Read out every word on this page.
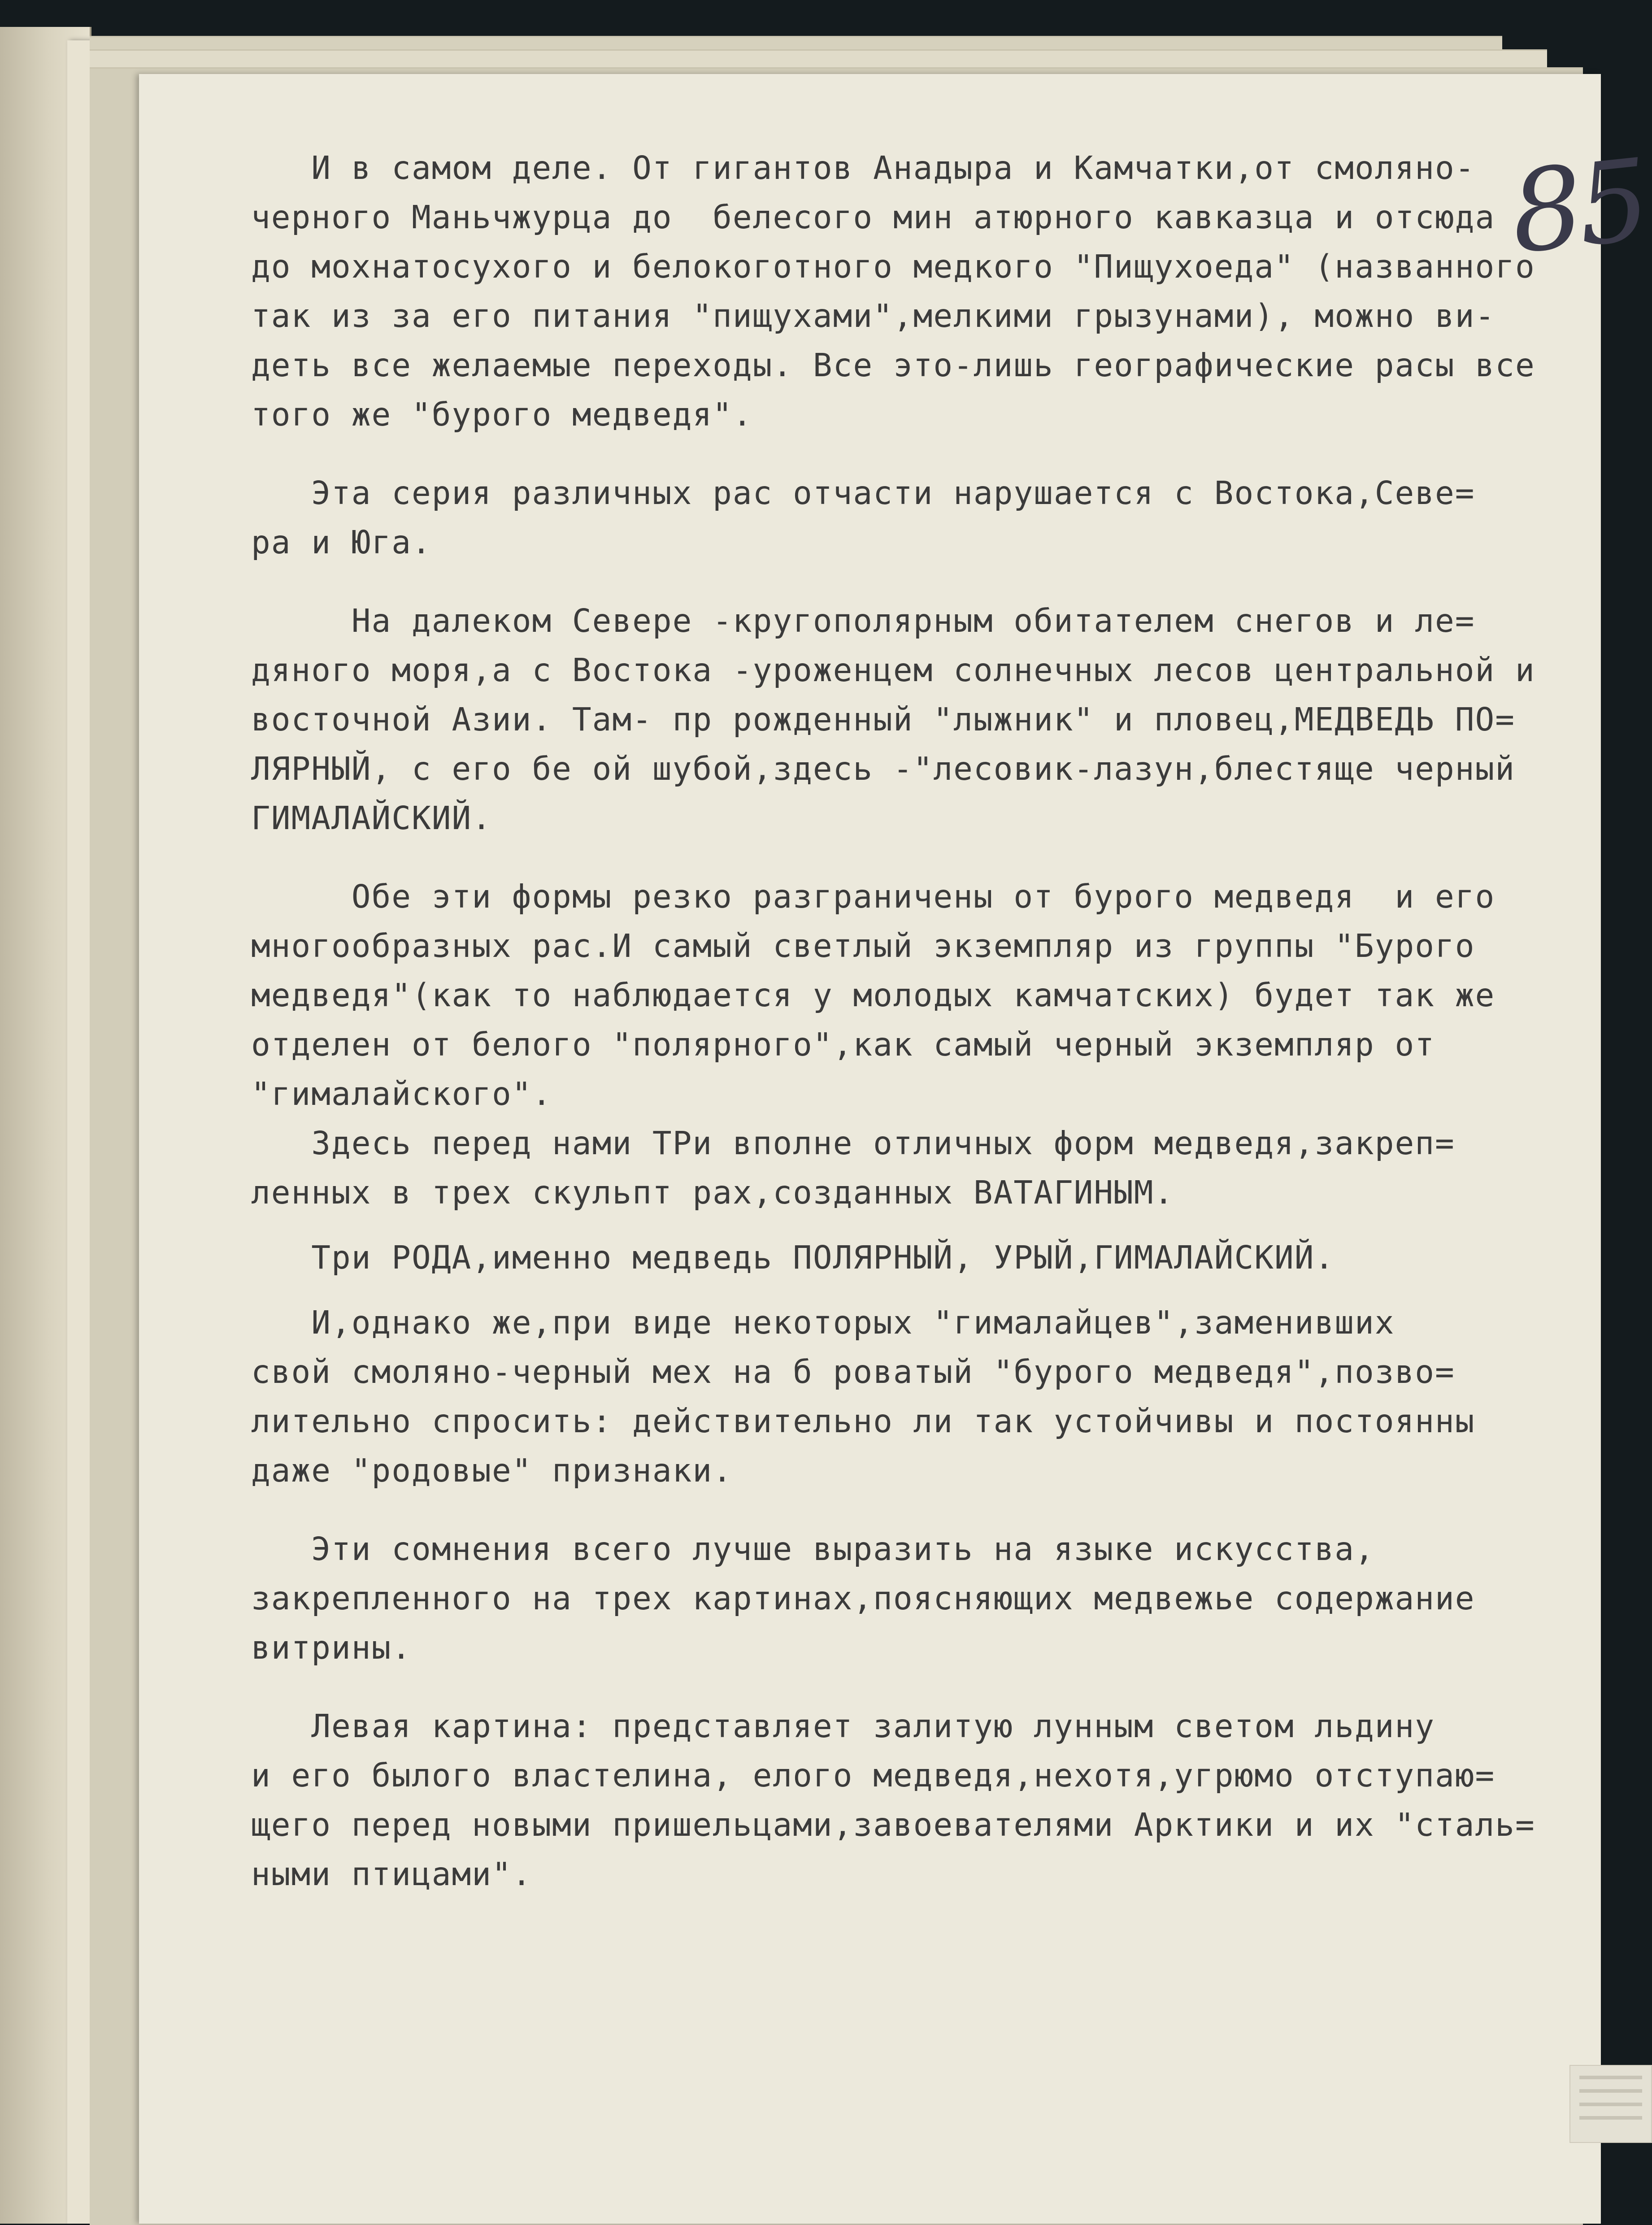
85
И в самом деле. От гигантов Анадыра и Камчатки,от смоляно-
черного Маньчжурца до  белесого мин атюрного кавказца и отсюда
до мохнатосухого и белокоготного медкого "Пищухоеда" (названного
так из за его питания "пищухами",мелкими грызунами), можно ви-
деть все желаемые переходы. Все это-лишь географические расы все
того же "бурого медведя".
Эта серия различных рас отчасти нарушается с Востока,Севе=
ра и Юга.
На далеком Севере -кругополярным обитателем снегов и ле=
дяного моря,а с Востока -уроженцем солнечных лесов центральной и
восточной Азии. Там- пр рожденный "лыжник" и пловец,МЕДВЕДЬ ПО=
ЛЯРНЫЙ, с его бе ой шубой,здесь -"лесовик-лазун,блестяще черный
ГИМАЛАЙСКИЙ.
Обе эти формы резко разграничены от бурого медведя  и его
многообразных рас.И самый светлый экземпляр из группы "Бурого
медведя"(как то наблюдается у молодых камчатских) будет так же
отделен от белого "полярного",как самый черный экземпляр от
"гималайского".
Здесь перед нами ТРи вполне отличных форм медведя,закреп=
ленных в трех скульпт рах,созданных ВАТАГИНЫМ.
Три РОДА,именно медведь ПОЛЯРНЫЙ, УРЫЙ,ГИМАЛАЙСКИЙ.
И,однако же,при виде некоторых "гималайцев",заменивших
свой смоляно-черный мех на б роватый "бурого медведя",позво=
лительно спросить: действительно ли так устойчивы и постоянны
даже "родовые" признаки.
Эти сомнения всего лучше выразить на языке искусства,
закрепленного на трех картинах,поясняющих медвежье содержание
витрины.
Левая картина: представляет залитую лунным светом льдину
и его былого властелина, елого медведя,нехотя,угрюмо отступаю=
щего перед новыми пришельцами,завоевателями Арктики и их "сталь=
ными птицами".
